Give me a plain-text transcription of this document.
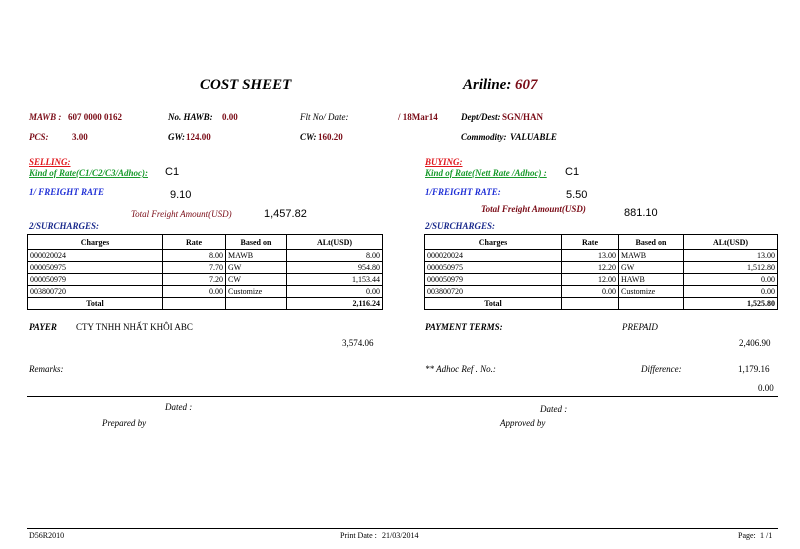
COST SHEET	Ariline: 607
MAWB : 607 0000 0162	No. HAWB: 0.00	Flt No/ Date:	/ 18Mar14	Dept/Dest: SGN/HAN
PCS:	3.00	GW: 124.00	CW: 160.20	Commodity: VALUABLE
SELLING:
Kind of Rate(C1/C2/C3/Adhoc): C1
1/ FREIGHT RATE	9.10
Total Freight Amount(USD)	1,457.82
2/SURCHARGES:
Charges	Rate	Based on	ALt(USD)
000020024	8.00	MAWB	8.00
000050975	7.70	GW	954.80
000050979	7.20	CW	1,153.44
003800720	0.00	Customize	0.00
Total			2,116.24
PAYER CTY TNHH NHẤT KHÔI ABC
3,574.06
Remarks:
BUYING:
Kind of Rate(Nett Rate /Adhoc) : C1
1/FREIGHT RATE:	5.50
Total Freight Amount(USD)	881.10
2/SURCHARGES:
Charges	Rate	Based on	ALt(USD)
000020024	13.00	MAWB	13.00
000050975	12.20	GW	1,512.80
000050979	12.00	HAWB	0.00
003800720	0.00	Customize	0.00
Total			1,525.80
PAYMENT TERMS:	PREPAID
2,406.90
** Adhoc Ref . No.:	Difference:	1,179.16
0.00
Dated :
Prepared by
Dated :
Approved by
D56R2010	Print Date : 21/03/2014	Page: 1 /1
